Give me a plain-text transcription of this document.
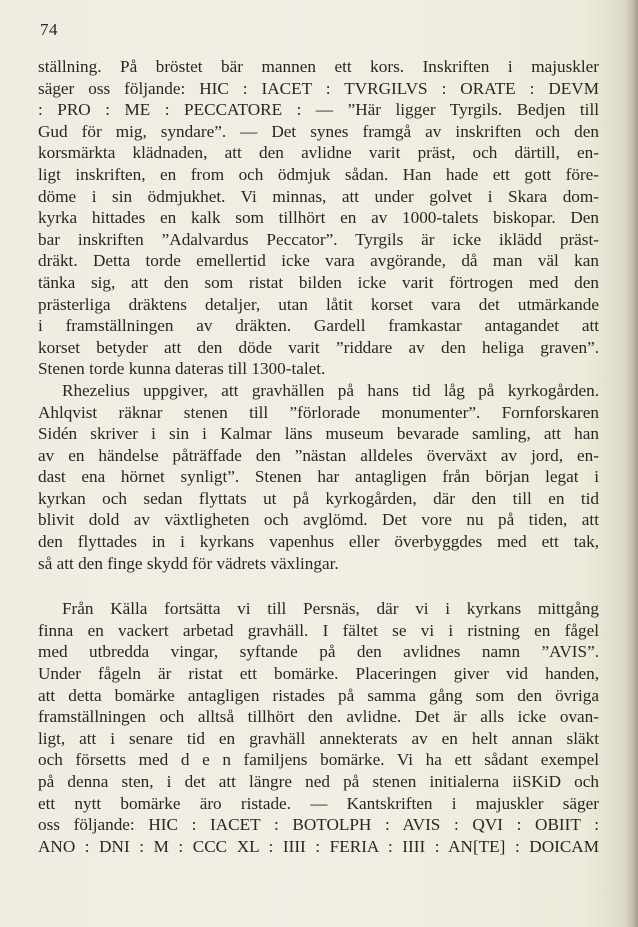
74
ställning. På bröstet bär mannen ett kors. Inskriften i majuskler
säger oss följande: HIC : IACET : TVRGILVS : ORATE : DEVM
: PRO : ME : PECCATORE : — ”Här ligger Tyrgils. Bedjen till
Gud för mig, syndare”. — Det synes framgå av inskriften och den
korsmärkta klädnaden, att den avlidne varit präst, och därtill, en-
ligt inskriften, en from och ödmjuk sådan. Han hade ett gott före-
döme i sin ödmjukhet. Vi minnas, att under golvet i Skara dom-
kyrka hittades en kalk som tillhört en av 1000-talets biskopar. Den
bar inskriften ”Adalvardus Peccator”. Tyrgils är icke iklädd präst-
dräkt. Detta torde emellertid icke vara avgörande, då man väl kan
tänka sig, att den som ristat bilden icke varit förtrogen med den
prästerliga dräktens detaljer, utan låtit korset vara det utmärkande
i framställningen av dräkten. Gardell framkastar antagandet att
korset betyder att den döde varit ”riddare av den heliga graven”.
Stenen torde kunna dateras till 1300-talet.
Rhezelius uppgiver, att gravhällen på hans tid låg på kyrkogården.
Ahlqvist räknar stenen till ”förlorade monumenter”. Fornforskaren
Sidén skriver i sin i Kalmar läns museum bevarade samling, att han
av en händelse påträffade den ”nästan alldeles överväxt av jord, en-
dast ena hörnet synligt”. Stenen har antagligen från början legat i
kyrkan och sedan flyttats ut på kyrkogården, där den till en tid
blivit dold av växtligheten och avglömd. Det vore nu på tiden, att
den flyttades in i kyrkans vapenhus eller överbyggdes med ett tak,
så att den finge skydd för vädrets växlingar.
Från Källa fortsätta vi till Persnäs, där vi i kyrkans mittgång
finna en vackert arbetad gravhäll. I fältet se vi i ristning en fågel
med utbredda vingar, syftande på den avlidnes namn ”AVIS”.
Under fågeln är ristat ett bomärke. Placeringen giver vid handen,
att detta bomärke antagligen ristades på samma gång som den övriga
framställningen och alltså tillhört den avlidne. Det är alls icke ovan-
ligt, att i senare tid en gravhäll annekterats av en helt annan släkt
och försetts med d e n familjens bomärke. Vi ha ett sådant exempel
på denna sten, i det att längre ned på stenen initialerna iiSKiD och
ett nytt bomärke äro ristade. — Kantskriften i majuskler säger
oss följande: HIC : IACET : BOTOLPH : AVIS : QVI : OBIIT :
ANO : DNI : M : CCC XL : IIII : FERIA : IIII : AN[TE] : DOICAM
